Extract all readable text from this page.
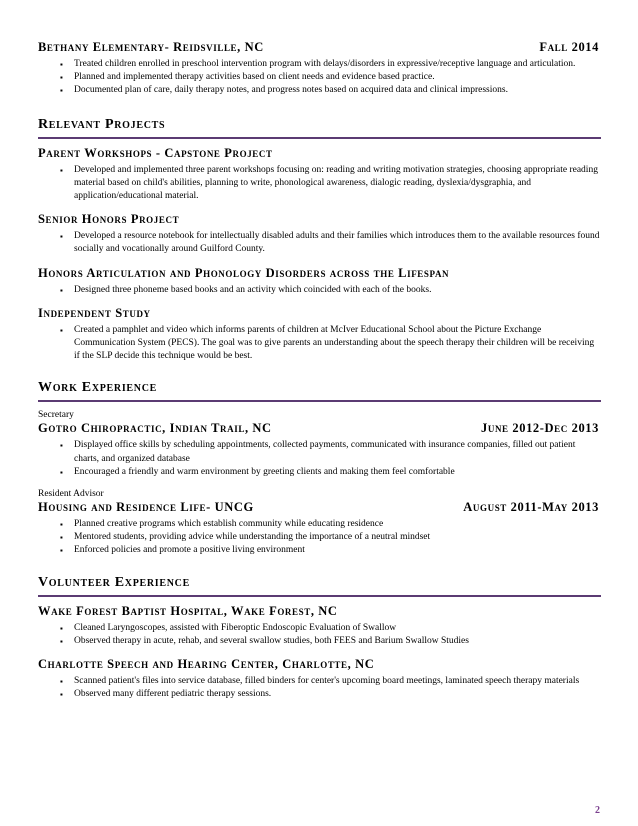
Bethany Elementary- Reidsville, NC	Fall 2014
▪ Treated children enrolled in preschool intervention program with delays/disorders in expressive/receptive language and articulation.
▪ Planned and implemented therapy activities based on client needs and evidence based practice.
▪ Documented plan of care, daily therapy notes, and progress notes based on acquired data and clinical impressions.
Relevant Projects
Parent Workshops - Capstone Project
▪ Developed and implemented three parent workshops focusing on: reading and writing motivation strategies, choosing appropriate reading material based on child's abilities, planning to write, phonological awareness, dialogic reading, dyslexia/dysgraphia, and application/educational material.
Senior Honors Project
▪ Developed a resource notebook for intellectually disabled adults and their families which introduces them to the available resources found socially and vocationally around Guilford County.
Honors Articulation and Phonology Disorders across the Lifespan
▪ Designed three phoneme based books and an activity which coincided with each of the books.
Independent Study
▪ Created a pamphlet and video which informs parents of children at McIver Educational School about the Picture Exchange Communication System (PECS). The goal was to give parents an understanding about the speech therapy their children will be receiving if the SLP decide this technique would be best.
Work Experience
Secretary
Gotro Chiropractic, Indian Trail, NC	June 2012-Dec 2013
▪ Displayed office skills by scheduling appointments, collected payments, communicated with insurance companies, filled out patient charts, and organized database
▪ Encouraged a friendly and warm environment by greeting clients and making them feel comfortable
Resident Advisor
Housing and Residence Life- UNCG	August 2011-May 2013
▪ Planned creative programs which establish community while educating residence
▪ Mentored students, providing advice while understanding the importance of a neutral mindset
▪ Enforced policies and promote a positive living environment
Volunteer Experience
Wake Forest Baptist Hospital, Wake Forest, NC
▪ Cleaned Laryngoscopes, assisted with Fiberoptic Endoscopic Evaluation of Swallow
▪ Observed therapy in acute, rehab, and several swallow studies, both FEES and Barium Swallow Studies
Charlotte Speech and Hearing Center, Charlotte, NC
▪ Scanned patient's files into service database, filled binders for center's upcoming board meetings, laminated speech therapy materials
▪ Observed many different pediatric therapy sessions.
2
